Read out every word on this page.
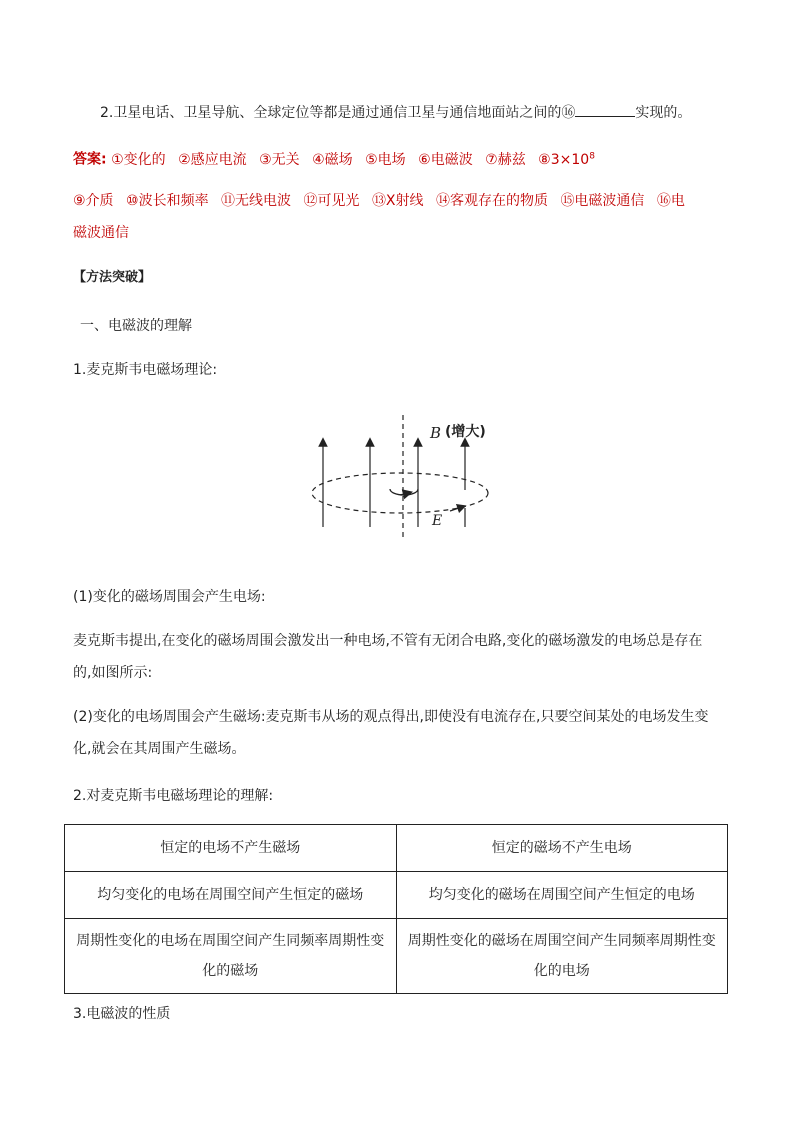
2.卫星电话、卫星导航、全球定位等都是通过通信卫星与通信地面站之间的⑯	实现的。
答案: ①变化的 ②感应电流 ③无关 ④磁场 ⑤电场 ⑥电磁波 ⑦赫兹 $⑧3\times 10^8$
⑨介质 ⑩波长和频率 ⑪无线电波 ⑫可见光 ⑬X射线 ⑭客观存在的物质 ⑮电磁波通信 ⑯电
磁波通信
【方法突破】
一、电磁波的理解
1.麦克斯韦电磁场理论:
B (增大)
E
(1)变化的磁场周围会产生电场:
麦克斯韦提出,在变化的磁场周围会激发出一种电场,不管有无闭合电路,变化的磁场激发的电场总是存在
的,如图所示:
(2)变化的电场周围会产生磁场:麦克斯韦从场的观点得出,即使没有电流存在,只要空间某处的电场发生变
化,就会在其周围产生磁场。
2.对麦克斯韦电磁场理论的理解:
恒定的电场不产生磁场	恒定的磁场不产生电场
均匀变化的电场在周围空间产生恒定的磁场	均匀变化的磁场在周围空间产生恒定的电场
周期性变化的电场在周围空间产生同频率周期性变化的磁场	周期性变化的磁场在周围空间产生同频率周期性变化的电场
3.电磁波的性质
